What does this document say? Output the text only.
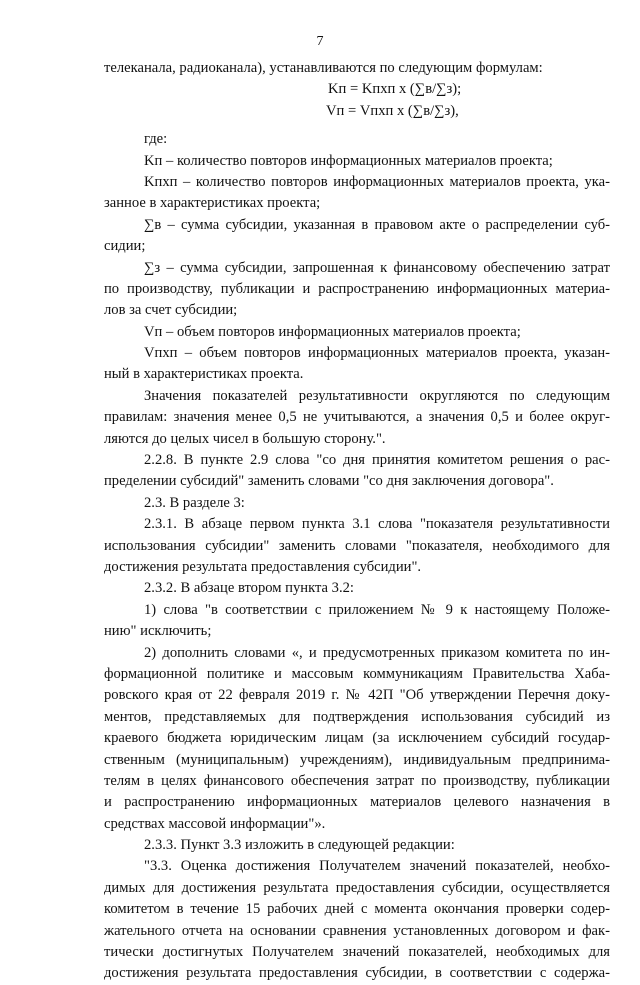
7
телеканала, радиоканала), устанавливаются по следующим формулам:
Kп = Kпхп x (∑в/∑з);
Vп = Vпхп x (∑в/∑з),
где:
Kп – количество повторов информационных материалов проекта;
Kпхп – количество повторов информационных материалов проекта, ука-
занное в характеристиках проекта;
∑в – сумма субсидии, указанная в правовом акте о распределении суб-
сидии;
∑з – сумма субсидии, запрошенная к финансовому обеспечению затрат
по производству, публикации и распространению информационных материа-
лов за счет субсидии;
Vп – объем повторов информационных материалов проекта;
Vпхп – объем повторов информационных материалов проекта, указан-
ный в характеристиках проекта.
Значения показателей результативности округляются по следующим
правилам: значения менее 0,5 не учитываются, а значения 0,5 и более округ-
ляются до целых чисел в большую сторону.".
2.2.8. В пункте 2.9 слова "со дня принятия комитетом решения о рас-
пределении субсидий" заменить словами "со дня заключения договора".
2.3. В разделе 3:
2.3.1. В абзаце первом пункта 3.1 слова "показателя результативности
использования субсидии" заменить словами "показателя, необходимого для
достижения результата предоставления субсидии".
2.3.2. В абзаце втором пункта 3.2:
1) слова "в соответствии с приложением № 9 к настоящему Положе-
нию" исключить;
2) дополнить словами «, и предусмотренных приказом комитета по ин-
формационной политике и массовым коммуникациям Правительства Хаба-
ровского края от 22 февраля 2019 г. № 42П "Об утверждении Перечня доку-
ментов, представляемых для подтверждения использования субсидий из
краевого бюджета юридическим лицам (за исключением субсидий государ-
ственным (муниципальным) учреждениям), индивидуальным предпринима-
телям в целях финансового обеспечения затрат по производству, публикации
и распространению информационных материалов целевого назначения в
средствах массовой информации"».
2.3.3. Пункт 3.3 изложить в следующей редакции:
"3.3. Оценка достижения Получателем значений показателей, необхо-
димых для достижения результата предоставления субсидии, осуществляется
комитетом в течение 15 рабочих дней с момента окончания проверки содер-
жательного отчета на основании сравнения установленных договором и фак-
тически достигнутых Получателем значений показателей, необходимых для
достижения результата предоставления субсидии, в соответствии с содержа-
